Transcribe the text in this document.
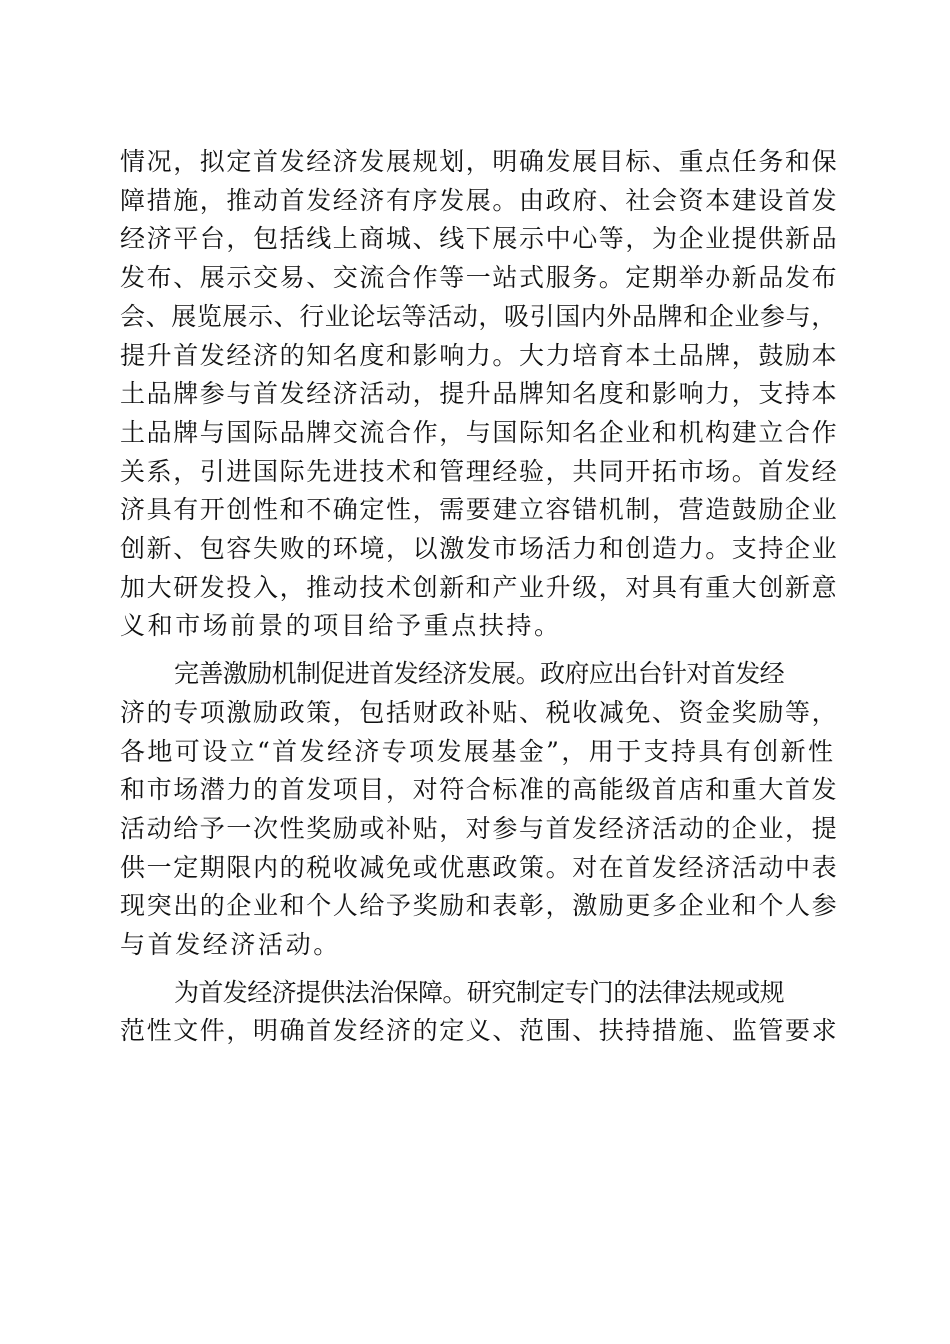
情况，拟定首发经济发展规划，明确发展目标、重点任务和保
障措施，推动首发经济有序发展。由政府、社会资本建设首发
经济平台，包括线上商城、线下展示中心等，为企业提供新品
发布、展示交易、交流合作等一站式服务。定期举办新品发布
会、展览展示、行业论坛等活动，吸引国内外品牌和企业参与，
提升首发经济的知名度和影响力。大力培育本土品牌，鼓励本
土品牌参与首发经济活动，提升品牌知名度和影响力，支持本
土品牌与国际品牌交流合作，与国际知名企业和机构建立合作
关系，引进国际先进技术和管理经验，共同开拓市场。首发经
济具有开创性和不确定性，需要建立容错机制，营造鼓励企业
创新、包容失败的环境，以激发市场活力和创造力。支持企业
加大研发投入，推动技术创新和产业升级，对具有重大创新意
义和市场前景的项目给予重点扶持。

完善激励机制促进首发经济发展。政府应出台针对首发经
济的专项激励政策，包括财政补贴、税收减免、资金奖励等，
各地可设立“首发经济专项发展基金”，用于支持具有创新性
和市场潜力的首发项目，对符合标准的高能级首店和重大首发
活动给予一次性奖励或补贴，对参与首发经济活动的企业，提
供一定期限内的税收减免或优惠政策。对在首发经济活动中表
现突出的企业和个人给予奖励和表彰，激励更多企业和个人参
与首发经济活动。

为首发经济提供法治保障。研究制定专门的法律法规或规
范性文件，明确首发经济的定义、范围、扶持措施、监管要求
